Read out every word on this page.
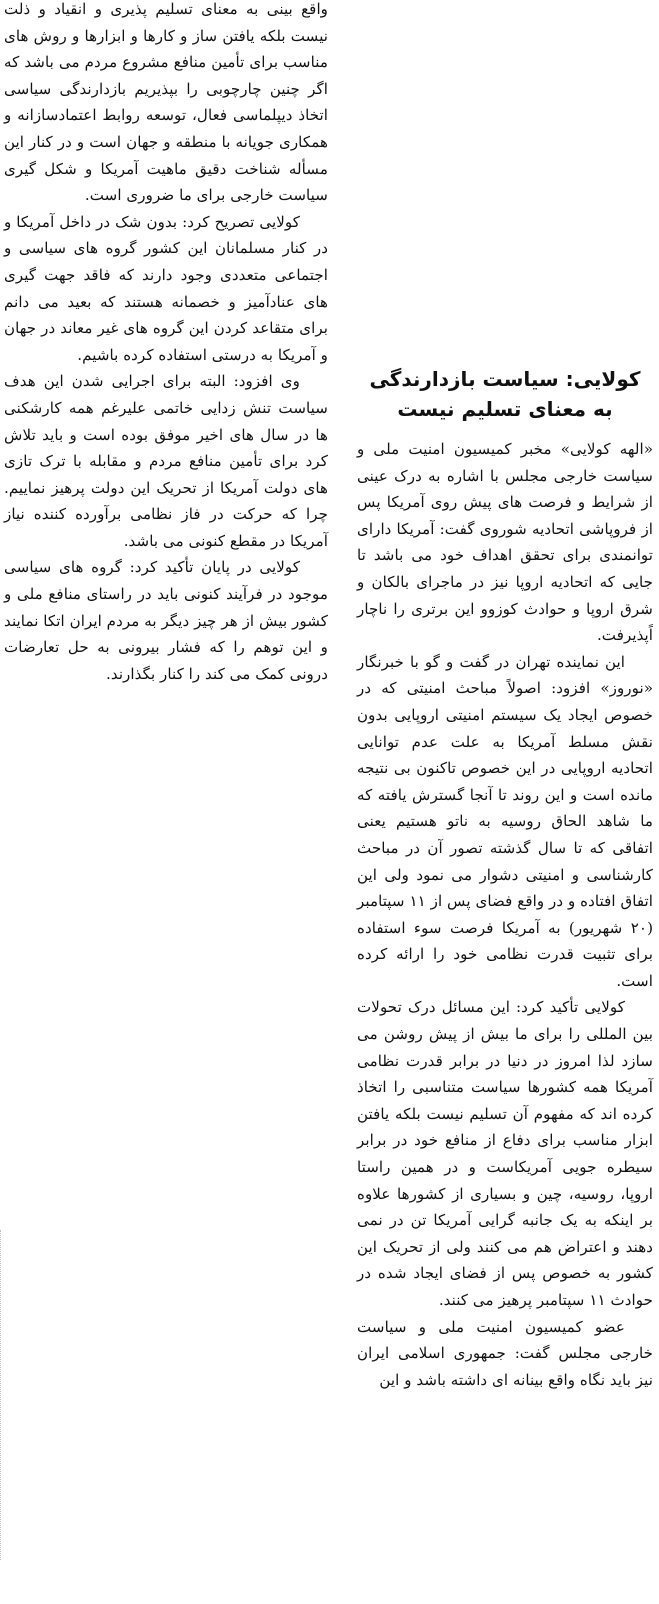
واقع بینی به معنای تسلیم پذیری و انقیاد و ذلت نیست بلکه یافتن ساز و کارها و ابزارها و روش های مناسب برای تأمین منافع مشروع مردم می باشد که اگر چنین چارچوبی را بپذیریم بازدارندگی سیاسی اتخاذ دیپلماسی فعال، توسعه روابط اعتمادسازانه و همکاری جویانه با منطقه و جهان است و در کنار این مسأله شناخت دقیق ماهیت آمریکا و شکل گیری سیاست خارجی برای ما ضروری است.

کولایی تصریح کرد: بدون شک در داخل آمریکا و در کنار مسلمانان این کشور گروه های سیاسی و اجتماعی متعددی وجود دارند که فاقد جهت گیری های عنادآمیز و خصمانه هستند که بعید می دانم برای متقاعد کردن این گروه های غیر معاند در جهان و آمریکا به درستی استفاده کرده باشیم.

وی افزود: البته برای اجرایی شدن این هدف سیاست تنش زدایی خاتمی علیرغم همه کارشکنی ها در سال های اخیر موفق بوده است و باید تلاش کرد برای تأمین منافع مردم و مقابله با ترک تازی های دولت آمریکا از تحریک این دولت پرهیز نماییم. چرا که حرکت در فاز نظامی برآورده کننده نیاز آمریکا در مقطع کنونی می باشد.

کولایی در پایان تأکید کرد: گروه های سیاسی موجود در فرآیند کنونی باید در راستای منافع ملی و کشور بیش از هر چیز دیگر به مردم ایران اتکا نمایند و این توهم را که فشار بیرونی به حل تعارضات درونی کمک می کند را کنار بگذارند.

کولایی: سیاست بازدارندگی به معنای تسلیم نیست

«الهه کولایی» مخبر کمیسیون امنیت ملی و سیاست خارجی مجلس با اشاره به درک عینی از شرایط و فرصت های پیش روی آمریکا پس از فروپاشی اتحادیه شوروی گفت: آمریکا دارای توانمندی برای تحقق اهداف خود می باشد تا جایی که اتحادیه اروپا نیز در ماجرای بالکان و شرق اروپا و حوادث کوزوو این برتری را ناچار اًپذیرفت.

این نماینده تهران در گفت و گو با خبرنگار «نوروز» افزود: اصولاً مباحث امنیتی که در خصوص ایجاد یک سیستم امنیتی اروپایی بدون نقش مسلط آمریکا به علت عدم توانایی اتحادیه اروپایی در این خصوص تاکنون بی نتیجه مانده است و این روند تا آنجا گسترش یافته که ما شاهد الحاق روسیه به ناتو هستیم یعنی اتفاقی که تا سال گذشته تصور آن در مباحث کارشناسی و امنیتی دشوار می نمود ولی این اتفاق افتاده و در واقع فضای پس از ۱۱ سپتامبر (۲۰ شهریور) به آمریکا فرصت سوء استفاده برای تثبیت قدرت نظامی خود را ارائه کرده است.

کولایی تأکید کرد: این مسائل درک تحولات بین المللی را برای ما بیش از پیش روشن می سازد لذا امروز در دنیا در برابر قدرت نظامی آمریکا همه کشورها سیاست متناسبی را اتخاذ کرده اند که مفهوم آن تسلیم نیست بلکه یافتن ابزار مناسب برای دفاع از منافع خود در برابر سیطره جویی آمریکاست و در همین راستا اروپا، روسیه، چین و بسیاری از کشورها علاوه بر اینکه به یک جانبه گرایی آمریکا تن در نمی دهند و اعتراض هم می کنند ولی از تحریک این کشور به خصوص پس از فضای ایجاد شده در حوادث ۱۱ سپتامبر پرهیز می کنند.

عضو کمیسیون امنیت ملی و سیاست خارجی مجلس گفت: جمهوری اسلامی ایران نیز باید نگاه واقع بینانه ای داشته باشد و این
